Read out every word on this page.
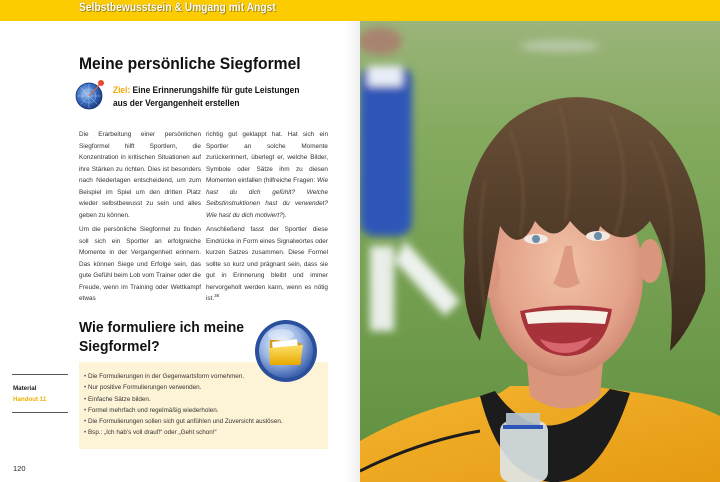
Selbstbewusstsein & Umgang mit Angst
Meine persönliche Siegformel
Ziel: Eine Erinnerungshilfe für gute Leistungen
aus der Vergangenheit erstellen

Die Erarbeitung einer persönlichen Siegformel hilft Sportlern, die Konzentration in kritischen Situationen auf ihre Stärken zu richten. Dies ist besonders nach Niederlagen entscheidend, um zum Beispiel im Spiel um den dritten Platz wieder selbstbewusst zu sein und alles geben zu können.

richtig gut geklappt hat. Hat sich ein Sportler an solche Momente zurückerinnert, überlegt er, welche Bilder, Symbole oder Sätze ihm zu diesen Momenten einfallen (hilfreiche Fragen: Wie hast du dich gefühlt? Welche Selbstinstruktionen hast du verwendet? Wie hast du dich motiviert?).

Um die persönliche Siegformel zu finden soll sich ein Sportler an erfolgreiche Momente in der Vergangenheit erinnern. Das können Siege und Erfolge sein, das gute Gefühl beim Lob vom Trainer oder die Freude, wenn im Training oder Wettkampf etwas

Anschließend fasst der Sportler diese Eindrücke in Form eines Signalwortes oder kurzen Satzes zusammen. Diese Formel sollte so kurz und prägnant sein, dass sie gut in Erinnerung bleibt und immer hervorgeholt werden kann, wenn es nötig ist.$^{38}$

Wie formuliere ich meine Siegformel?
• Die Formulierungen in der Gegenwartsform vornehmen.
• Nur positive Formulierungen verwenden.
• Einfache Sätze bilden.
• Formel mehrfach und regelmäßig wiederholen.
• Die Formulierungen sollen sich gut anfühlen und Zuversicht auslösen.
• Bsp.: „Ich hab’s voll drauf!“ oder „Geht schon!“
Material
Handout 11
120
